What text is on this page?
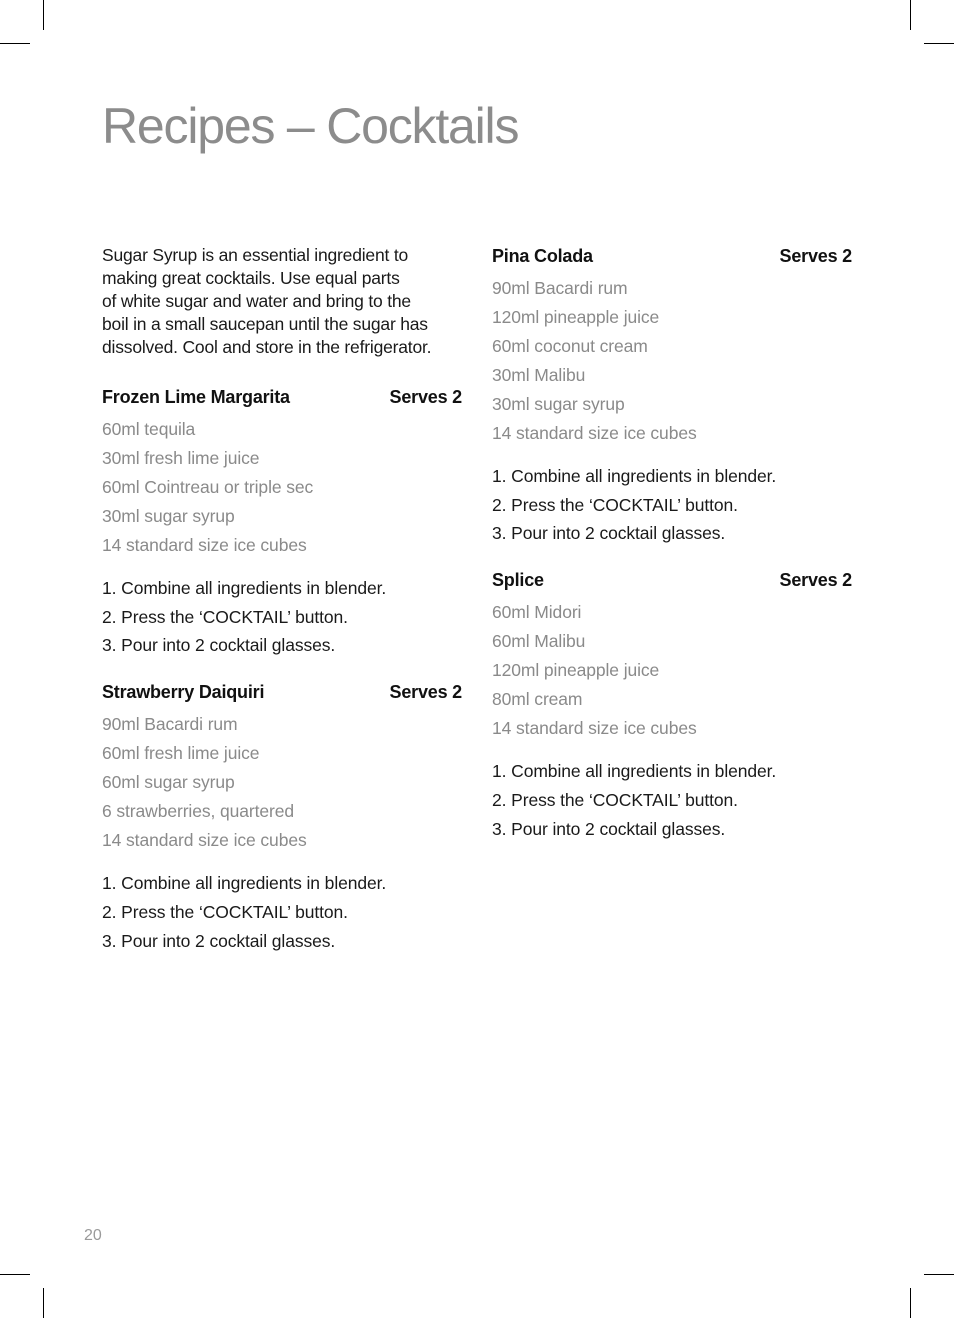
Recipes – Cocktails

Sugar Syrup is an essential ingredient to
making great cocktails. Use equal parts
of white sugar and water and bring to the
boil in a small saucepan until the sugar has
dissolved. Cool and store in the refrigerator.

Frozen Lime Margarita	Serves 2
60ml tequila
30ml fresh lime juice
60ml Cointreau or triple sec
30ml sugar syrup
14 standard size ice cubes
1. Combine all ingredients in blender.
2. Press the ‘COCKTAIL’ button.
3. Pour into 2 cocktail glasses.
Strawberry Daiquiri	Serves 2
90ml Bacardi rum
60ml fresh lime juice
60ml sugar syrup
6 strawberries, quartered
14 standard size ice cubes
1. Combine all ingredients in blender.
2. Press the ‘COCKTAIL’ button.
3. Pour into 2 cocktail glasses.
Pina Colada	Serves 2
90ml Bacardi rum
120ml pineapple juice
60ml coconut cream
30ml Malibu
30ml sugar syrup
14 standard size ice cubes
1. Combine all ingredients in blender.
2. Press the ‘COCKTAIL’ button.
3. Pour into 2 cocktail glasses.
Splice	Serves 2
60ml Midori
60ml Malibu
120ml pineapple juice
80ml cream
14 standard size ice cubes
1. Combine all ingredients in blender.
2. Press the ‘COCKTAIL’ button.
3. Pour into 2 cocktail glasses.
20
